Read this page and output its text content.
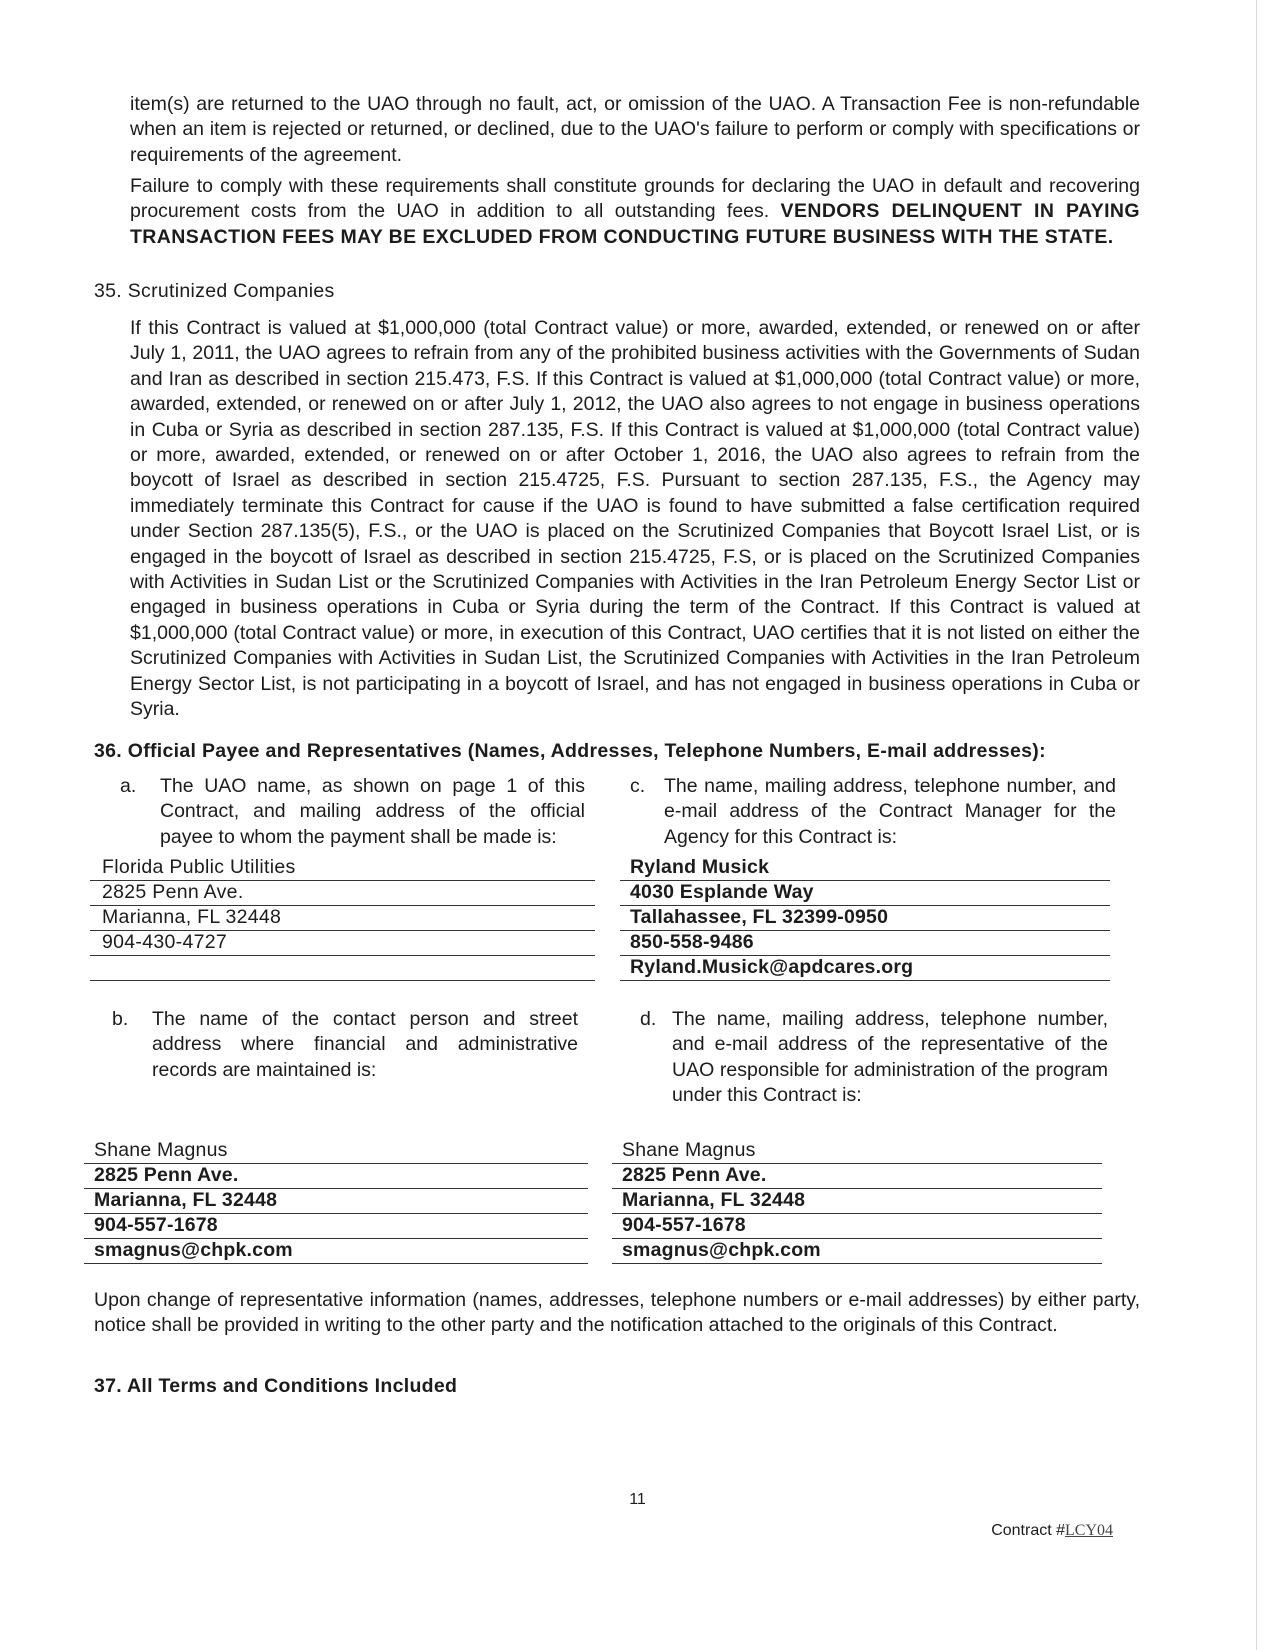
item(s) are returned to the UAO through no fault, act, or omission of the UAO. A Transaction Fee is non-refundable when an item is rejected or returned, or declined, due to the UAO's failure to perform or comply with specifications or requirements of the agreement.

Failure to comply with these requirements shall constitute grounds for declaring the UAO in default and recovering procurement costs from the UAO in addition to all outstanding fees. VENDORS DELINQUENT IN PAYING TRANSACTION FEES MAY BE EXCLUDED FROM CONDUCTING FUTURE BUSINESS WITH THE STATE.

35. Scrutinized Companies

If this Contract is valued at $1,000,000 (total Contract value) or more, awarded, extended, or renewed on or after July 1, 2011, the UAO agrees to refrain from any of the prohibited business activities with the Governments of Sudan and Iran as described in section 215.473, F.S. If this Contract is valued at $1,000,000 (total Contract value) or more, awarded, extended, or renewed on or after July 1, 2012, the UAO also agrees to not engage in business operations in Cuba or Syria as described in section 287.135, F.S. If this Contract is valued at $1,000,000 (total Contract value) or more, awarded, extended, or renewed on or after October 1, 2016, the UAO also agrees to refrain from the boycott of Israel as described in section 215.4725, F.S. Pursuant to section 287.135, F.S., the Agency may immediately terminate this Contract for cause if the UAO is found to have submitted a false certification required under Section 287.135(5), F.S., or the UAO is placed on the Scrutinized Companies that Boycott Israel List, or is engaged in the boycott of Israel as described in section 215.4725, F.S, or is placed on the Scrutinized Companies with Activities in Sudan List or the Scrutinized Companies with Activities in the Iran Petroleum Energy Sector List or engaged in business operations in Cuba or Syria during the term of the Contract. If this Contract is valued at $1,000,000 (total Contract value) or more, in execution of this Contract, UAO certifies that it is not listed on either the Scrutinized Companies with Activities in Sudan List, the Scrutinized Companies with Activities in the Iran Petroleum Energy Sector List, is not participating in a boycott of Israel, and has not engaged in business operations in Cuba or Syria.

36. Official Payee and Representatives (Names, Addresses, Telephone Numbers, E-mail addresses):

a. The UAO name, as shown on page 1 of this Contract, and mailing address of the official payee to whom the payment shall be made is:
Florida Public Utilities
2825 Penn Ave.
Marianna, FL 32448
904-430-4727
c. The name, mailing address, telephone number, and e-mail address of the Contract Manager for the Agency for this Contract is:
Ryland Musick
4030 Esplande Way
Tallahassee, FL 32399-0950
850-558-9486
Ryland.Musick@apdcares.org
b. The name of the contact person and street address where financial and administrative records are maintained is:
Shane Magnus
2825 Penn Ave.
Marianna, FL 32448
904-557-1678
smagnus@chpk.com
d. The name, mailing address, telephone number, and e-mail address of the representative of the UAO responsible for administration of the program under this Contract is:
Shane Magnus
2825 Penn Ave.
Marianna, FL 32448
904-557-1678
smagnus@chpk.com

Upon change of representative information (names, addresses, telephone numbers or e-mail addresses) by either party, notice shall be provided in writing to the other party and the notification attached to the originals of this Contract.

37. All Terms and Conditions Included

11
Contract #LCY04
